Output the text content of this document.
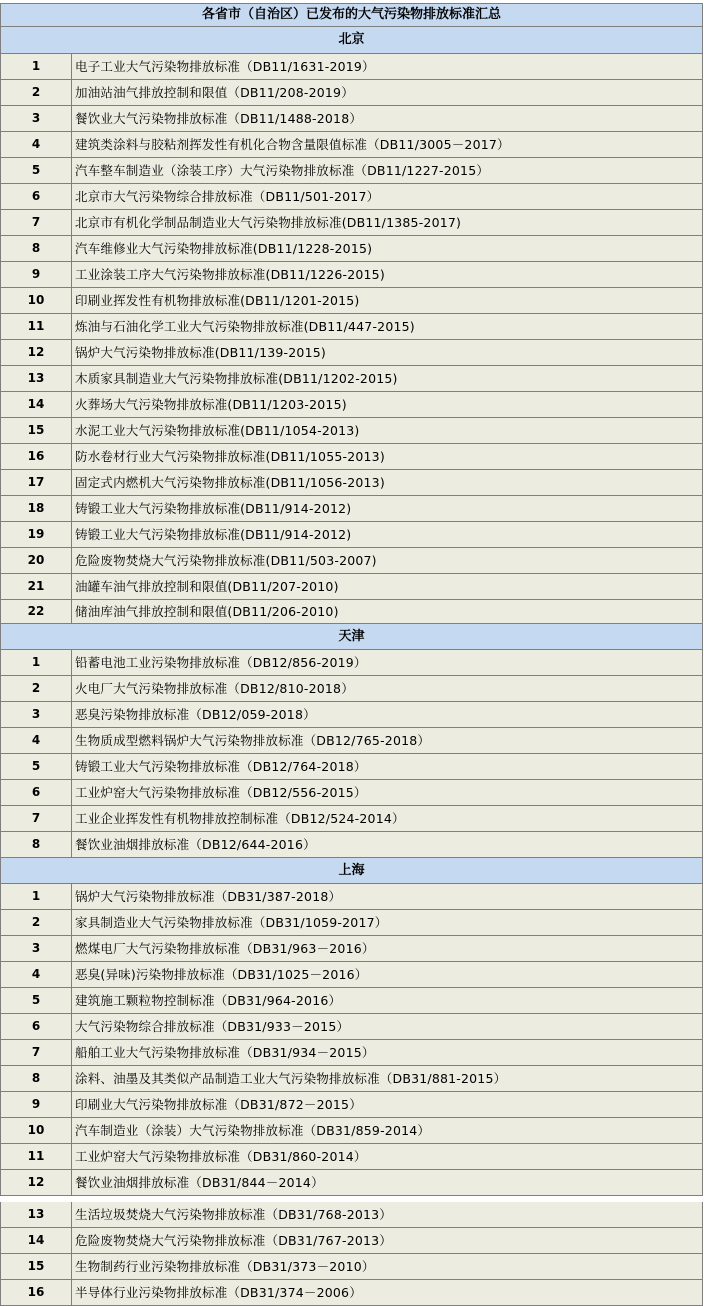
各省市（自治区）已发布的大气污染物排放标准汇总
北京
1	电子工业大气污染物排放标准（DB11/1631-2019）
2	加油站油气排放控制和限值（DB11/208-2019）
3	餐饮业大气污染物排放标准（DB11/1488-2018）
4	建筑类涂料与胶粘剂挥发性有机化合物含量限值标准（DB11/3005－2017）
5	汽车整车制造业（涂装工序）大气污染物排放标准（DB11/1227-2015）
6	北京市大气污染物综合排放标准（DB11/501-2017）
7	北京市有机化学制品制造业大气污染物排放标准(DB11/1385-2017)
8	汽车维修业大气污染物排放标准(DB11/1228-2015)
9	工业涂装工序大气污染物排放标准(DB11/1226-2015)
10	印刷业挥发性有机物排放标准(DB11/1201-2015)
11	炼油与石油化学工业大气污染物排放标准(DB11/447-2015)
12	锅炉大气污染物排放标准(DB11/139-2015)
13	木质家具制造业大气污染物排放标准(DB11/1202-2015)
14	火葬场大气污染物排放标准(DB11/1203-2015)
15	水泥工业大气污染物排放标准(DB11/1054-2013)
16	防水卷材行业大气污染物排放标准(DB11/1055-2013)
17	固定式内燃机大气污染物排放标准(DB11/1056-2013)
18	铸锻工业大气污染物排放标准(DB11/914-2012)
19	铸锻工业大气污染物排放标准(DB11/914-2012)
20	危险废物焚烧大气污染物排放标准(DB11/503-2007)
21	油罐车油气排放控制和限值(DB11/207-2010)
22	储油库油气排放控制和限值(DB11/206-2010)
天津
1	铅蓄电池工业污染物排放标准（DB12/856-2019）
2	火电厂大气污染物排放标准（DB12/810-2018）
3	恶臭污染物排放标准（DB12/059-2018）
4	生物质成型燃料锅炉大气污染物排放标准（DB12/765-2018）
5	铸锻工业大气污染物排放标准（DB12/764-2018）
6	工业炉窑大气污染物排放标准（DB12/556-2015）
7	工业企业挥发性有机物排放控制标准（DB12/524-2014）
8	餐饮业油烟排放标准（DB12/644-2016）
上海
1	锅炉大气污染物排放标准（DB31/387-2018）
2	家具制造业大气污染物排放标准（DB31/1059-2017）
3	燃煤电厂大气污染物排放标准（DB31/963－2016）
4	恶臭(异味)污染物排放标准（DB31/1025－2016）
5	建筑施工颗粒物控制标准（DB31/964-2016）
6	大气污染物综合排放标准（DB31/933－2015）
7	船舶工业大气污染物排放标准（DB31/934－2015）
8	涂料、油墨及其类似产品制造工业大气污染物排放标准（DB31/881-2015）
9	印刷业大气污染物排放标准（DB31/872－2015）
10	汽车制造业（涂装）大气污染物排放标准（DB31/859-2014）
11	工业炉窑大气污染物排放标准（DB31/860-2014）
12	餐饮业油烟排放标准（DB31/844－2014）
13	生活垃圾焚烧大气污染物排放标准（DB31/768-2013）
14	危险废物焚烧大气污染物排放标准（DB31/767-2013）
15	生物制药行业污染物排放标准（DB31/373－2010）
16	半导体行业污染物排放标准（DB31/374－2006）
